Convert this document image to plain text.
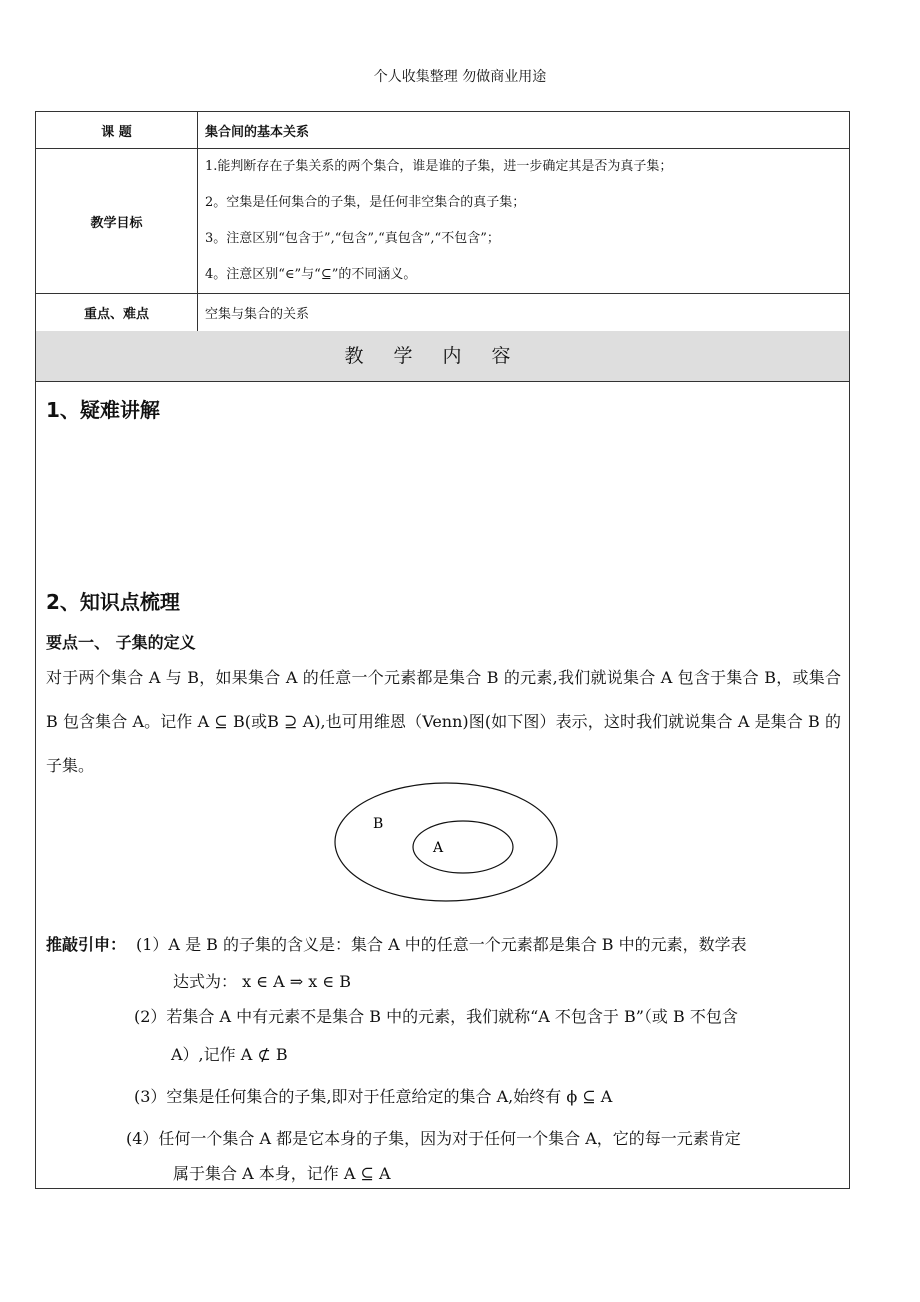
个人收集整理 勿做商业用途
课 题	集合间的基本关系
教学目标	1.能判断存在子集关系的两个集合，谁是谁的子集，进一步确定其是否为真子集；
2。空集是任何集合的子集，是任何非空集合的真子集；
3。注意区别“包含于”,“包含”,“真包含”,“不包含”；
4。注意区别“∈”与“⊆”的不同涵义。

重点、难点	空集与集合的关系
教学内容
1、疑难讲解
2、知识点梳理
要点一、 子集的定义
对于两个集合 A 与 B，如果集合 A 的任意一个元素都是集合 B 的元素,我们就说集合 A 包含于集合 B，或集合 B 包含集合 A。记作 A ⊆ B(或B ⊇ A),也可用维恩（Venn)图(如下图）表示，这时我们就说集合 A 是集合 B 的子集。
B
A
推敲引申： (1）A 是 B 的子集的含义是：集合 A 中的任意一个元素都是集合 B 中的元素，数学表
达式为： x ∈ A ⇒ x ∈ B
(2）若集合 A 中有元素不是集合 B 中的元素，我们就称“A 不包含于 B”（或 B 不包含
A）,记作 A ⊄ B
(3）空集是任何集合的子集,即对于任意给定的集合 A,始终有 ϕ ⊆ A
(4）任何一个集合 A 都是它本身的子集，因为对于任何一个集合 A，它的每一元素肯定
属于集合 A 本身，记作 A ⊆ A
